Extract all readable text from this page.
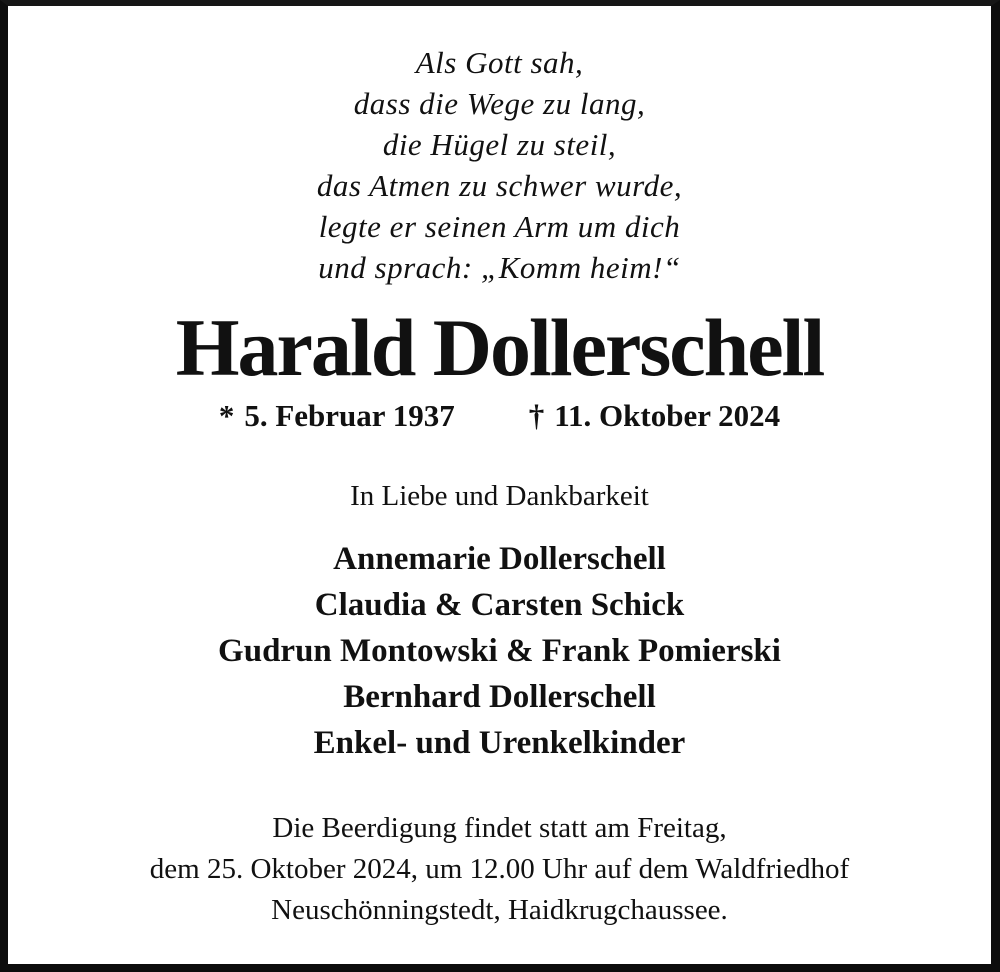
Als Gott sah,
dass die Wege zu lang,
die Hügel zu steil,
das Atmen zu schwer wurde,
legte er seinen Arm um dich
und sprach: „Komm heim!“
Harald Dollerschell
* 5. Februar 1937 † 11. Oktober 2024
In Liebe und Dankbarkeit
Annemarie Dollerschell
Claudia & Carsten Schick
Gudrun Montowski & Frank Pomierski
Bernhard Dollerschell
Enkel- und Urenkelkinder
Die Beerdigung findet statt am Freitag,
dem 25. Oktober 2024, um 12.00 Uhr auf dem Waldfriedhof
Neuschönningstedt, Haidkrugchaussee.
